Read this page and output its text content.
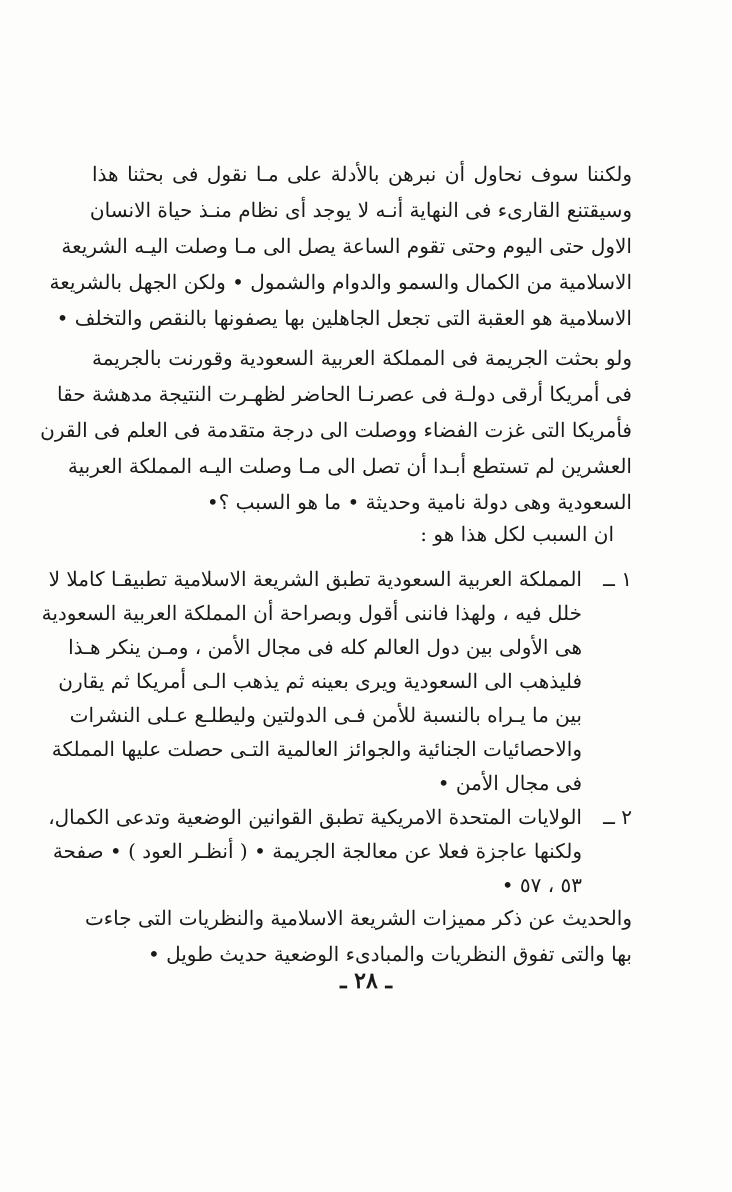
ولكننا سوف نحاول أن نبرهن بالأدلة على مـا نقول فى بحثنا هذا
وسيقتنع القارىء فى النهاية أنـه لا يوجد أى نظام منـذ حياة الانسان
الاول حتى اليوم وحتى تقوم الساعة يصل الى مـا وصلت اليـه الشريعة
الاسلامية من الكمال والسمو والدوام والشمول • ولكن الجهل بالشريعة
الاسلامية هو العقبة التى تجعل الجاهلين بها يصفونها بالنقص والتخلف •
ولو بحثت الجريمة فى المملكة العربية السعودية وقورنت بالجريمة
فى أمريكا أرقى دولـة فى عصرنـا الحاضر لظهـرت النتيجة مدهشة حقا
فأمريكا التى غزت الفضاء ووصلت الى درجة متقدمة فى العلم فى القرن
العشرين لم تستطع أبـدا أن تصل الى مـا وصلت اليـه المملكة العربية
السعودية وهى دولة نامية وحديثة • ما هو السبب ؟•
ان السبب لكل هذا هو :
١ ــ
المملكة العربية السعودية تطبق الشريعة الاسلامية تطبيقـا كاملا لا
خلل فيه ، ولهذا فاننى أقول وبصراحة أن المملكة العربية السعودية
هى الأولى بين دول العالم كله فى مجال الأمن ، ومـن ينكر هـذا
فليذهب الى السعودية ويرى بعينه ثم يذهب الـى أمريكا ثم يقارن
بين ما يـراه بالنسبة للأمن فـى الدولتين وليطلـع عـلى النشرات
والاحصائيات الجنائية والجوائز العالمية التـى حصلت عليها المملكة
فى مجال الأمن •
٢ ــ
الولايات المتحدة الامريكية تطبق القوانين الوضعية وتدعى الكمال،
ولكنها عاجزة فعلا عن معالجة الجريمة • ( أنظـر العود ) • صفحة
٥٣ ، ٥٧ •
والحديث عن ذكر مميزات الشريعة الاسلامية والنظريات التى جاءت
بها والتى تفوق النظريات والمبادىء الوضعية حديث طويل •
ـ ٢٨ ـ
